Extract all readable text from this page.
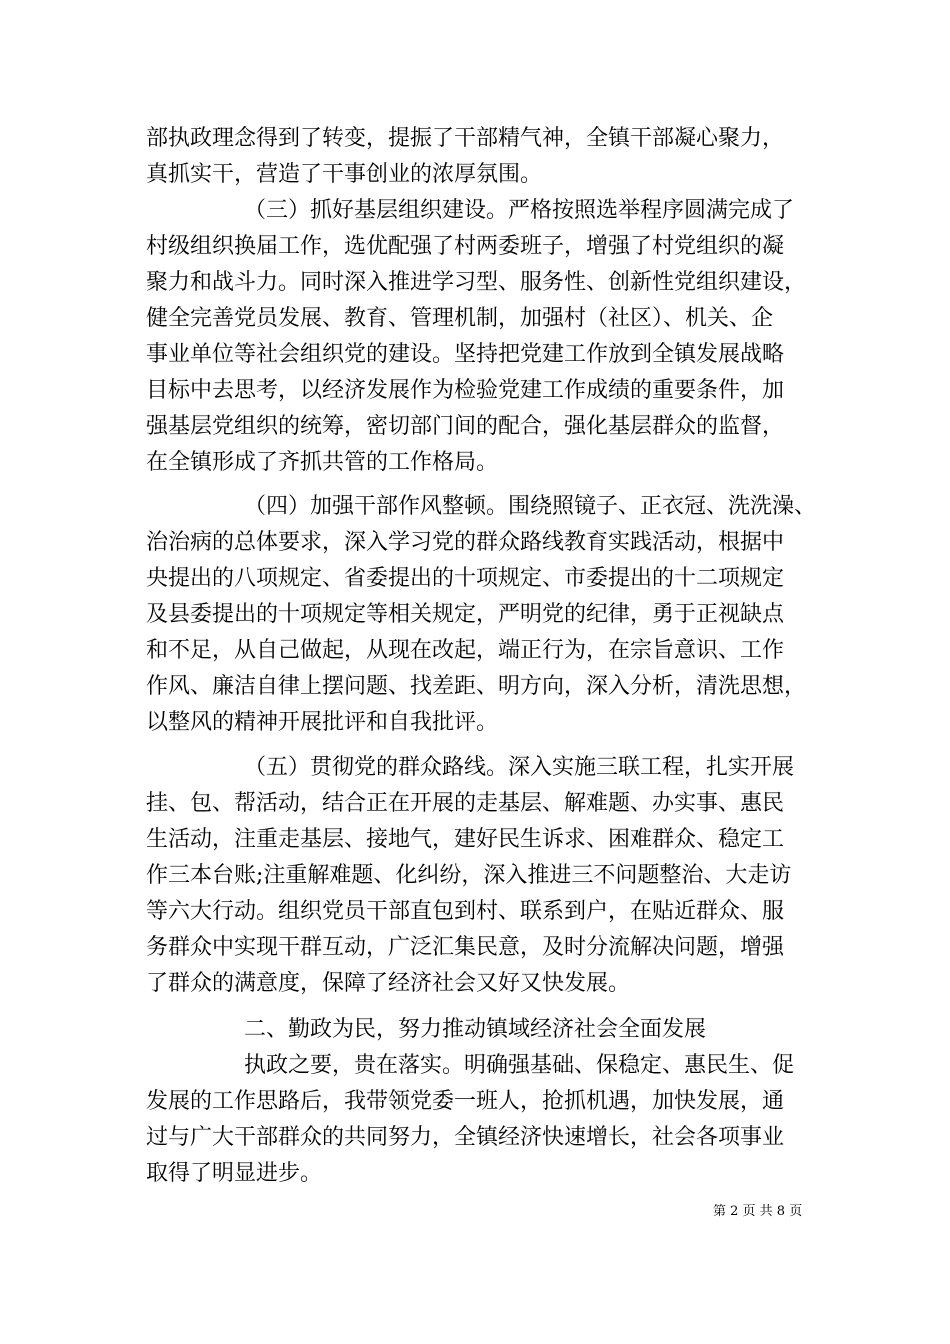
部执政理念得到了转变，提振了干部精气神，全镇干部凝心聚力，
真抓实干，营造了干事创业的浓厚氛围。
（三）抓好基层组织建设。严格按照选举程序圆满完成了
村级组织换届工作，选优配强了村两委班子，增强了村党组织的凝
聚力和战斗力。同时深入推进学习型、服务性、创新性党组织建设，
健全完善党员发展、教育、管理机制，加强村（社区）、机关、企
事业单位等社会组织党的建设。坚持把党建工作放到全镇发展战略
目标中去思考，以经济发展作为检验党建工作成绩的重要条件，加
强基层党组织的统筹，密切部门间的配合，强化基层群众的监督，
在全镇形成了齐抓共管的工作格局。
（四）加强干部作风整顿。围绕照镜子、正衣冠、洗洗澡、
治治病的总体要求，深入学习党的群众路线教育实践活动，根据中
央提出的八项规定、省委提出的十项规定、市委提出的十二项规定
及县委提出的十项规定等相关规定，严明党的纪律，勇于正视缺点
和不足，从自己做起，从现在改起，端正行为，在宗旨意识、工作
作风、廉洁自律上摆问题、找差距、明方向，深入分析，清洗思想，
以整风的精神开展批评和自我批评。
（五）贯彻党的群众路线。深入实施三联工程，扎实开展
挂、包、帮活动，结合正在开展的走基层、解难题、办实事、惠民
生活动，注重走基层、接地气，建好民生诉求、困难群众、稳定工
作三本台账;注重解难题、化纠纷，深入推进三不问题整治、大走访
等六大行动。组织党员干部直包到村、联系到户，在贴近群众、服
务群众中实现干群互动，广泛汇集民意，及时分流解决问题，增强
了群众的满意度，保障了经济社会又好又快发展。
二、勤政为民，努力推动镇域经济社会全面发展
执政之要，贵在落实。明确强基础、保稳定、惠民生、促
发展的工作思路后，我带领党委一班人，抢抓机遇，加快发展，通
过与广大干部群众的共同努力，全镇经济快速增长，社会各项事业
取得了明显进步。
第 2 页 共 8 页
